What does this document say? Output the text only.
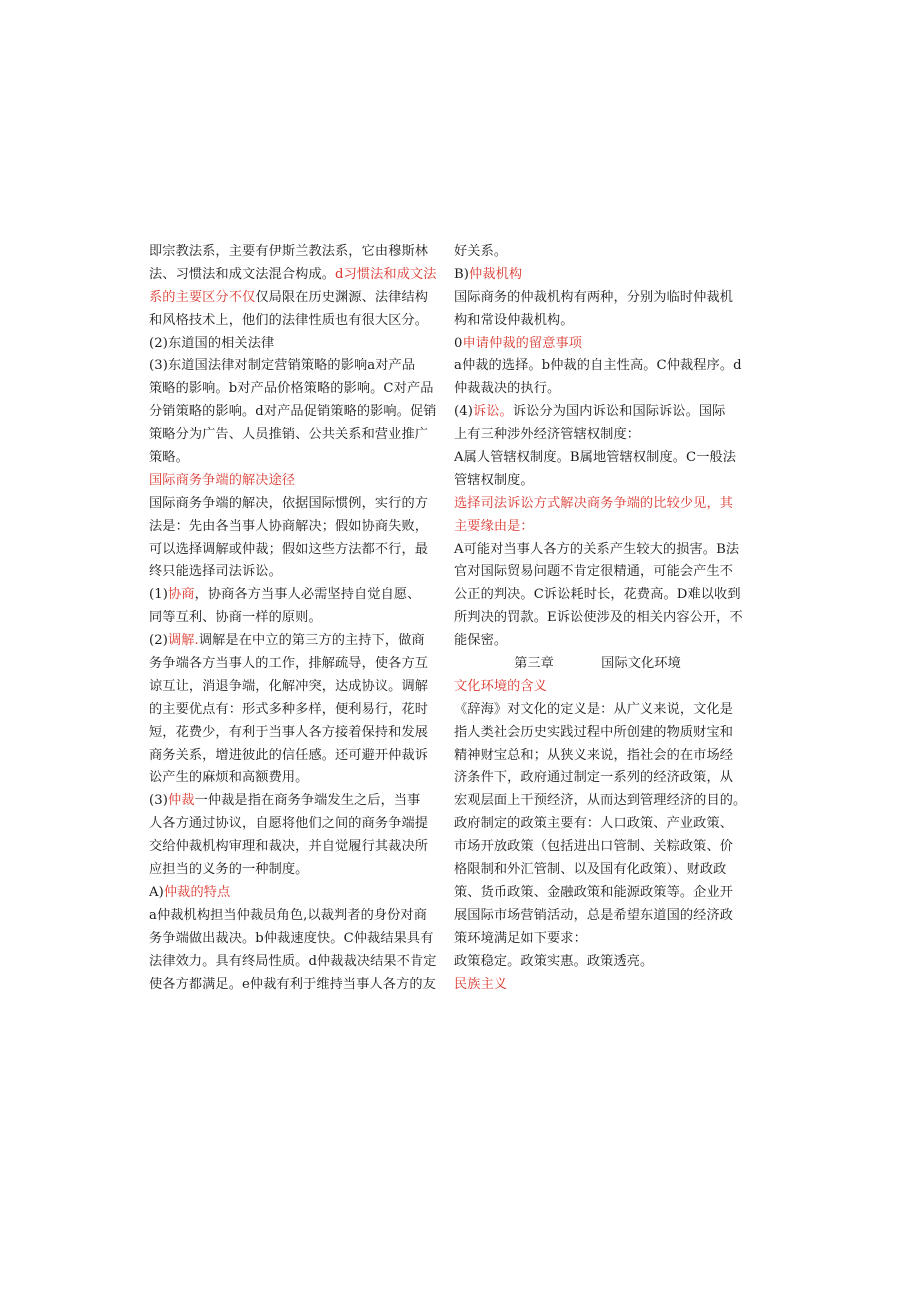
即宗教法系，主要有伊斯兰教法系，它由穆斯林
法、习惯法和成文法混合构成。d习惯法和成文法
系的主要区分不仅仅局限在历史渊源、法律结构
和风格技术上，他们的法律性质也有很大区分。
(2)东道国的相关法律
(3)东道国法律对制定营销策略的影响a对产品
策略的影响。b对产品价格策略的影响。C对产品
分销策略的影响。d对产品促销策略的影响。促销
策略分为广告、人员推销、公共关系和营业推广
策略。
国际商务争端的解决途径
国际商务争端的解决，依据国际惯例，实行的方
法是：先由各当事人协商解决；假如协商失败，
可以选择调解或仲裁；假如这些方法都不行，最
终只能选择司法诉讼。
(1)协商，协商各方当事人必需坚持自觉自愿、
同等互利、协商一样的原则。
(2)调解.调解是在中立的第三方的主持下，做商
务争端各方当事人的工作，排解疏导，使各方互
谅互让，消退争端，化解冲突，达成协议。调解
的主要优点有：形式多种多样，便利易行，花时
短，花费少，有利于当事人各方接着保持和发展
商务关系，增进彼此的信任感。还可避开仲裁诉
讼产生的麻烦和高额费用。
(3)仲裁一仲裁是指在商务争端发生之后，当事
人各方通过协议，自愿将他们之间的商务争端提
交给仲裁机构审理和裁决，并自觉履行其裁决所
应担当的义务的一种制度。
A)仲裁的特点
a仲裁机构担当仲裁员角色,以裁判者的身份对商
务争端做出裁决。b仲裁速度快。C仲裁结果具有
法律效力。具有终局性质。d仲裁裁决结果不肯定
使各方都满足。e仲裁有利于维持当事人各方的友
好关系。
B)仲裁机构
国际商务的仲裁机构有两种，分别为临时仲裁机
构和常设仲裁机构。
0申请仲裁的留意事项
a仲裁的选择。b仲裁的自主性高。C仲裁程序。d
仲裁裁决的执行。
(4)诉讼。诉讼分为国内诉讼和国际诉讼。国际
上有三种涉外经济管辖权制度：
A属人管辖权制度。B属地管辖权制度。C一般法
管辖权制度。
选择司法诉讼方式解决商务争端的比较少见，其
主要缘由是：
A可能对当事人各方的关系产生较大的损害。B法
官对国际贸易问题不肯定很精通，可能会产生不
公正的判决。C诉讼耗时长，花费高。D难以收到
所判决的罚款。E诉讼使涉及的相关内容公开，不
能保密。
第三章           国际文化环境
文化环境的含义
《辞海》对文化的定义是：从广义来说，文化是
指人类社会历史实践过程中所创建的物质财宝和
精神财宝总和；从狭义来说，指社会的在市场经
济条件下，政府通过制定一系列的经济政策，从
宏观层面上干预经济，从而达到管理经济的目的。
政府制定的政策主要有：人口政策、产业政策、
市场开放政策（包括进出口管制、关粽政策、价
格限制和外汇管制、以及国有化政策）、财政政
策、货币政策、金融政策和能源政策等。企业开
展国际市场营销活动，总是希望东道国的经济政
策环境满足如下要求：
政策稳定。政策实惠。政策透亮。
民族主义
